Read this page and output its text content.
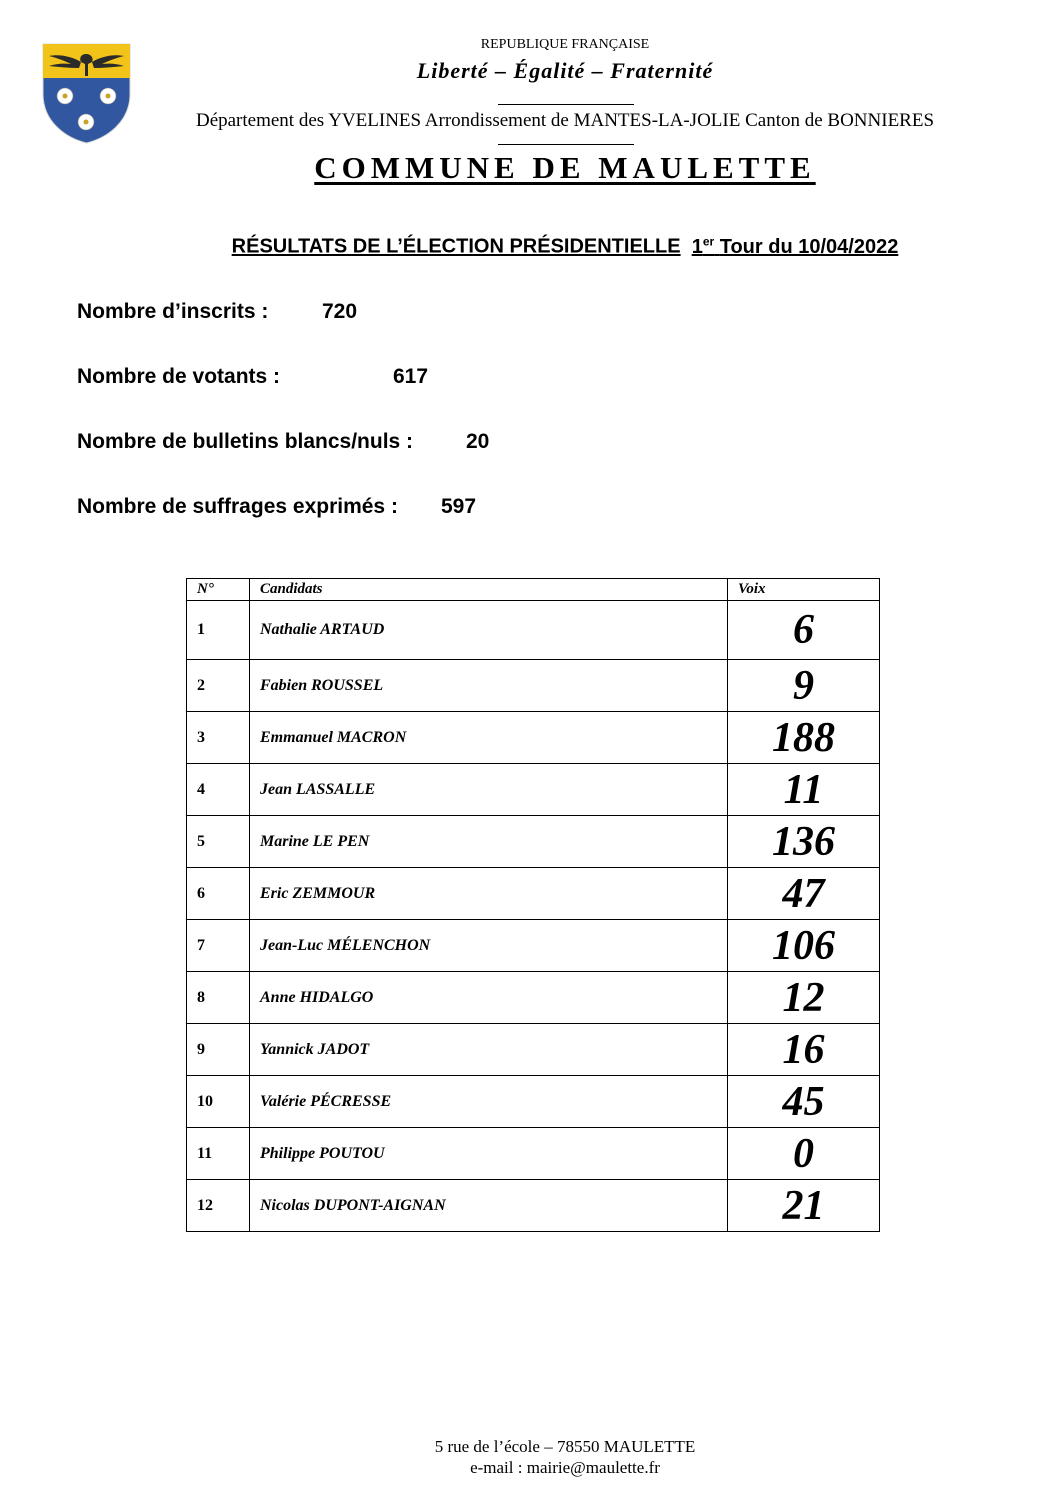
REPUBLIQUE FRANÇAISE
Liberté – Égalité – Fraternité
Département des YVELINES Arrondissement de MANTES-LA-JOLIE Canton de BONNIERES
COMMUNE DE MAULETTE
RÉSULTATS DE L’ÉLECTION PRÉSIDENTIELLE 1er Tour du 10/04/2022
Nombre d’inscrits :	720
Nombre de votants :	617
Nombre de bulletins blancs/nuls :	20
Nombre de suffrages exprimés : 597
N°	Candidats	Voix
1	Nathalie ARTAUD	6
2	Fabien ROUSSEL	9
3	Emmanuel MACRON	188
4	Jean LASSALLE	11
5	Marine LE PEN	136
6	Eric ZEMMOUR	47
7	Jean-Luc MÉLENCHON	106
8	Anne HIDALGO	12
9	Yannick JADOT	16
10	Valérie PÉCRESSE	45
11	Philippe POUTOU	0
12	Nicolas DUPONT-AIGNAN	21
5 rue de l’école – 78550 MAULETTE
e-mail : mairie@maulette.fr
